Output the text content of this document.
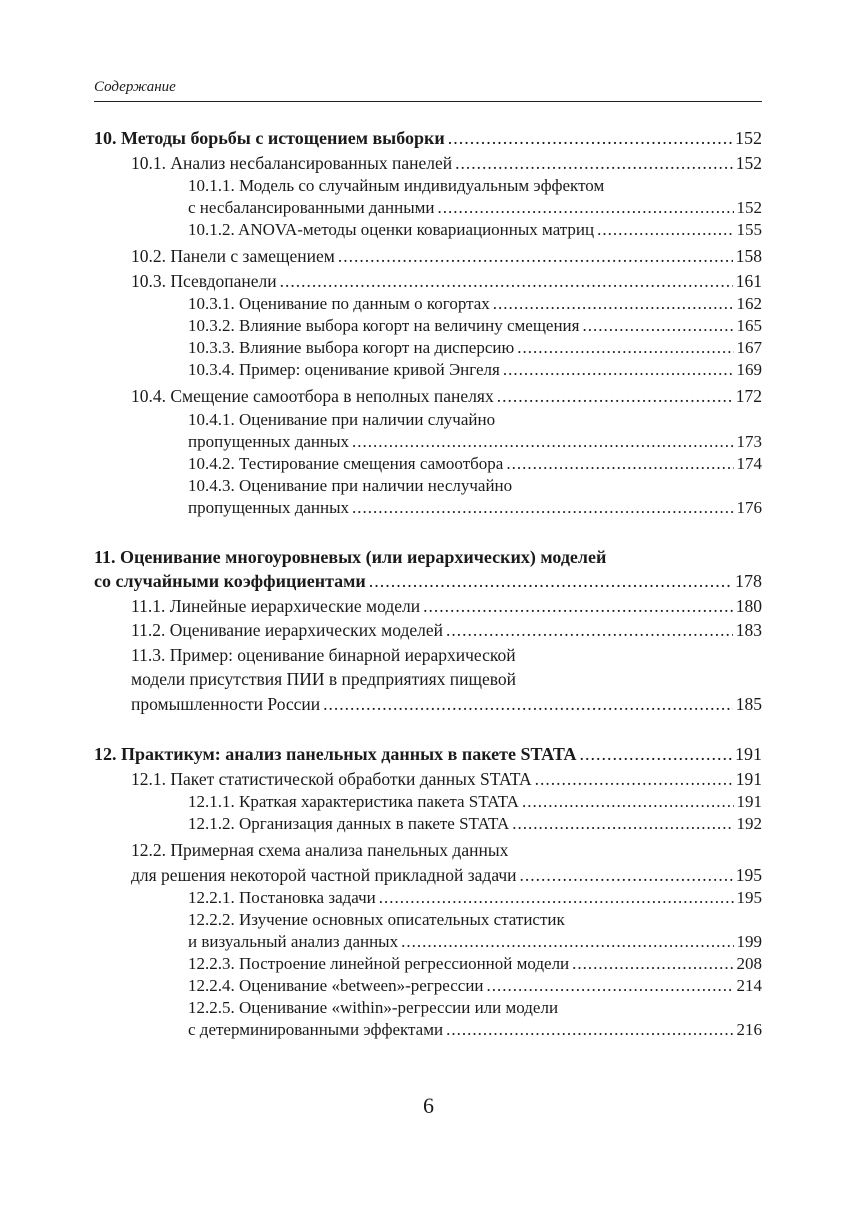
Содержание
10. Методы борьбы с истощением выборки .....	152
10.1. Анализ несбалансированных панелей .....	152
10.1.1. Модель со случайным индивидуальным эффектом
с несбалансированными данными .....	152
10.1.2. ANOVA-методы оценки ковариационных матриц .....	155
10.2. Панели с замещением .....	158
10.3. Псевдопанели .....	161
10.3.1. Оценивание по данным о когортах .....	162
10.3.2. Влияние выбора когорт на величину смещения .....	165
10.3.3. Влияние выбора когорт на дисперсию .....	167
10.3.4. Пример: оценивание кривой Энгеля .....	169
10.4. Смещение самоотбора в неполных панелях .....	172
10.4.1. Оценивание при наличии случайно
пропущенных данных .....	173
10.4.2. Тестирование смещения самоотбора .....	174
10.4.3. Оценивание при наличии неслучайно
пропущенных данных .....	176
11. Оценивание многоуровневых (или иерархических) моделей
со случайными коэффициентами .....	178
11.1. Линейные иерархические модели .....	180
11.2. Оценивание иерархических моделей .....	183
11.3. Пример: оценивание бинарной иерархической
модели присутствия ПИИ в предприятиях пищевой
промышленности России .....	185
12. Практикум: анализ панельных данных в пакете STATA .....	191
12.1. Пакет статистической обработки данных STATA .....	191
12.1.1. Краткая характеристика пакета STATA .....	191
12.1.2. Организация данных в пакете STATA .....	192
12.2. Примерная схема анализа панельных данных
для решения некоторой частной прикладной задачи .....	195
12.2.1. Постановка задачи .....	195
12.2.2. Изучение основных описательных статистик
и визуальный анализ данных .....	199
12.2.3. Построение линейной регрессионной модели .....	208
12.2.4. Оценивание «between»-регрессии .....	214
12.2.5. Оценивание «within»-регрессии или модели
с детерминированными эффектами .....	216
6
